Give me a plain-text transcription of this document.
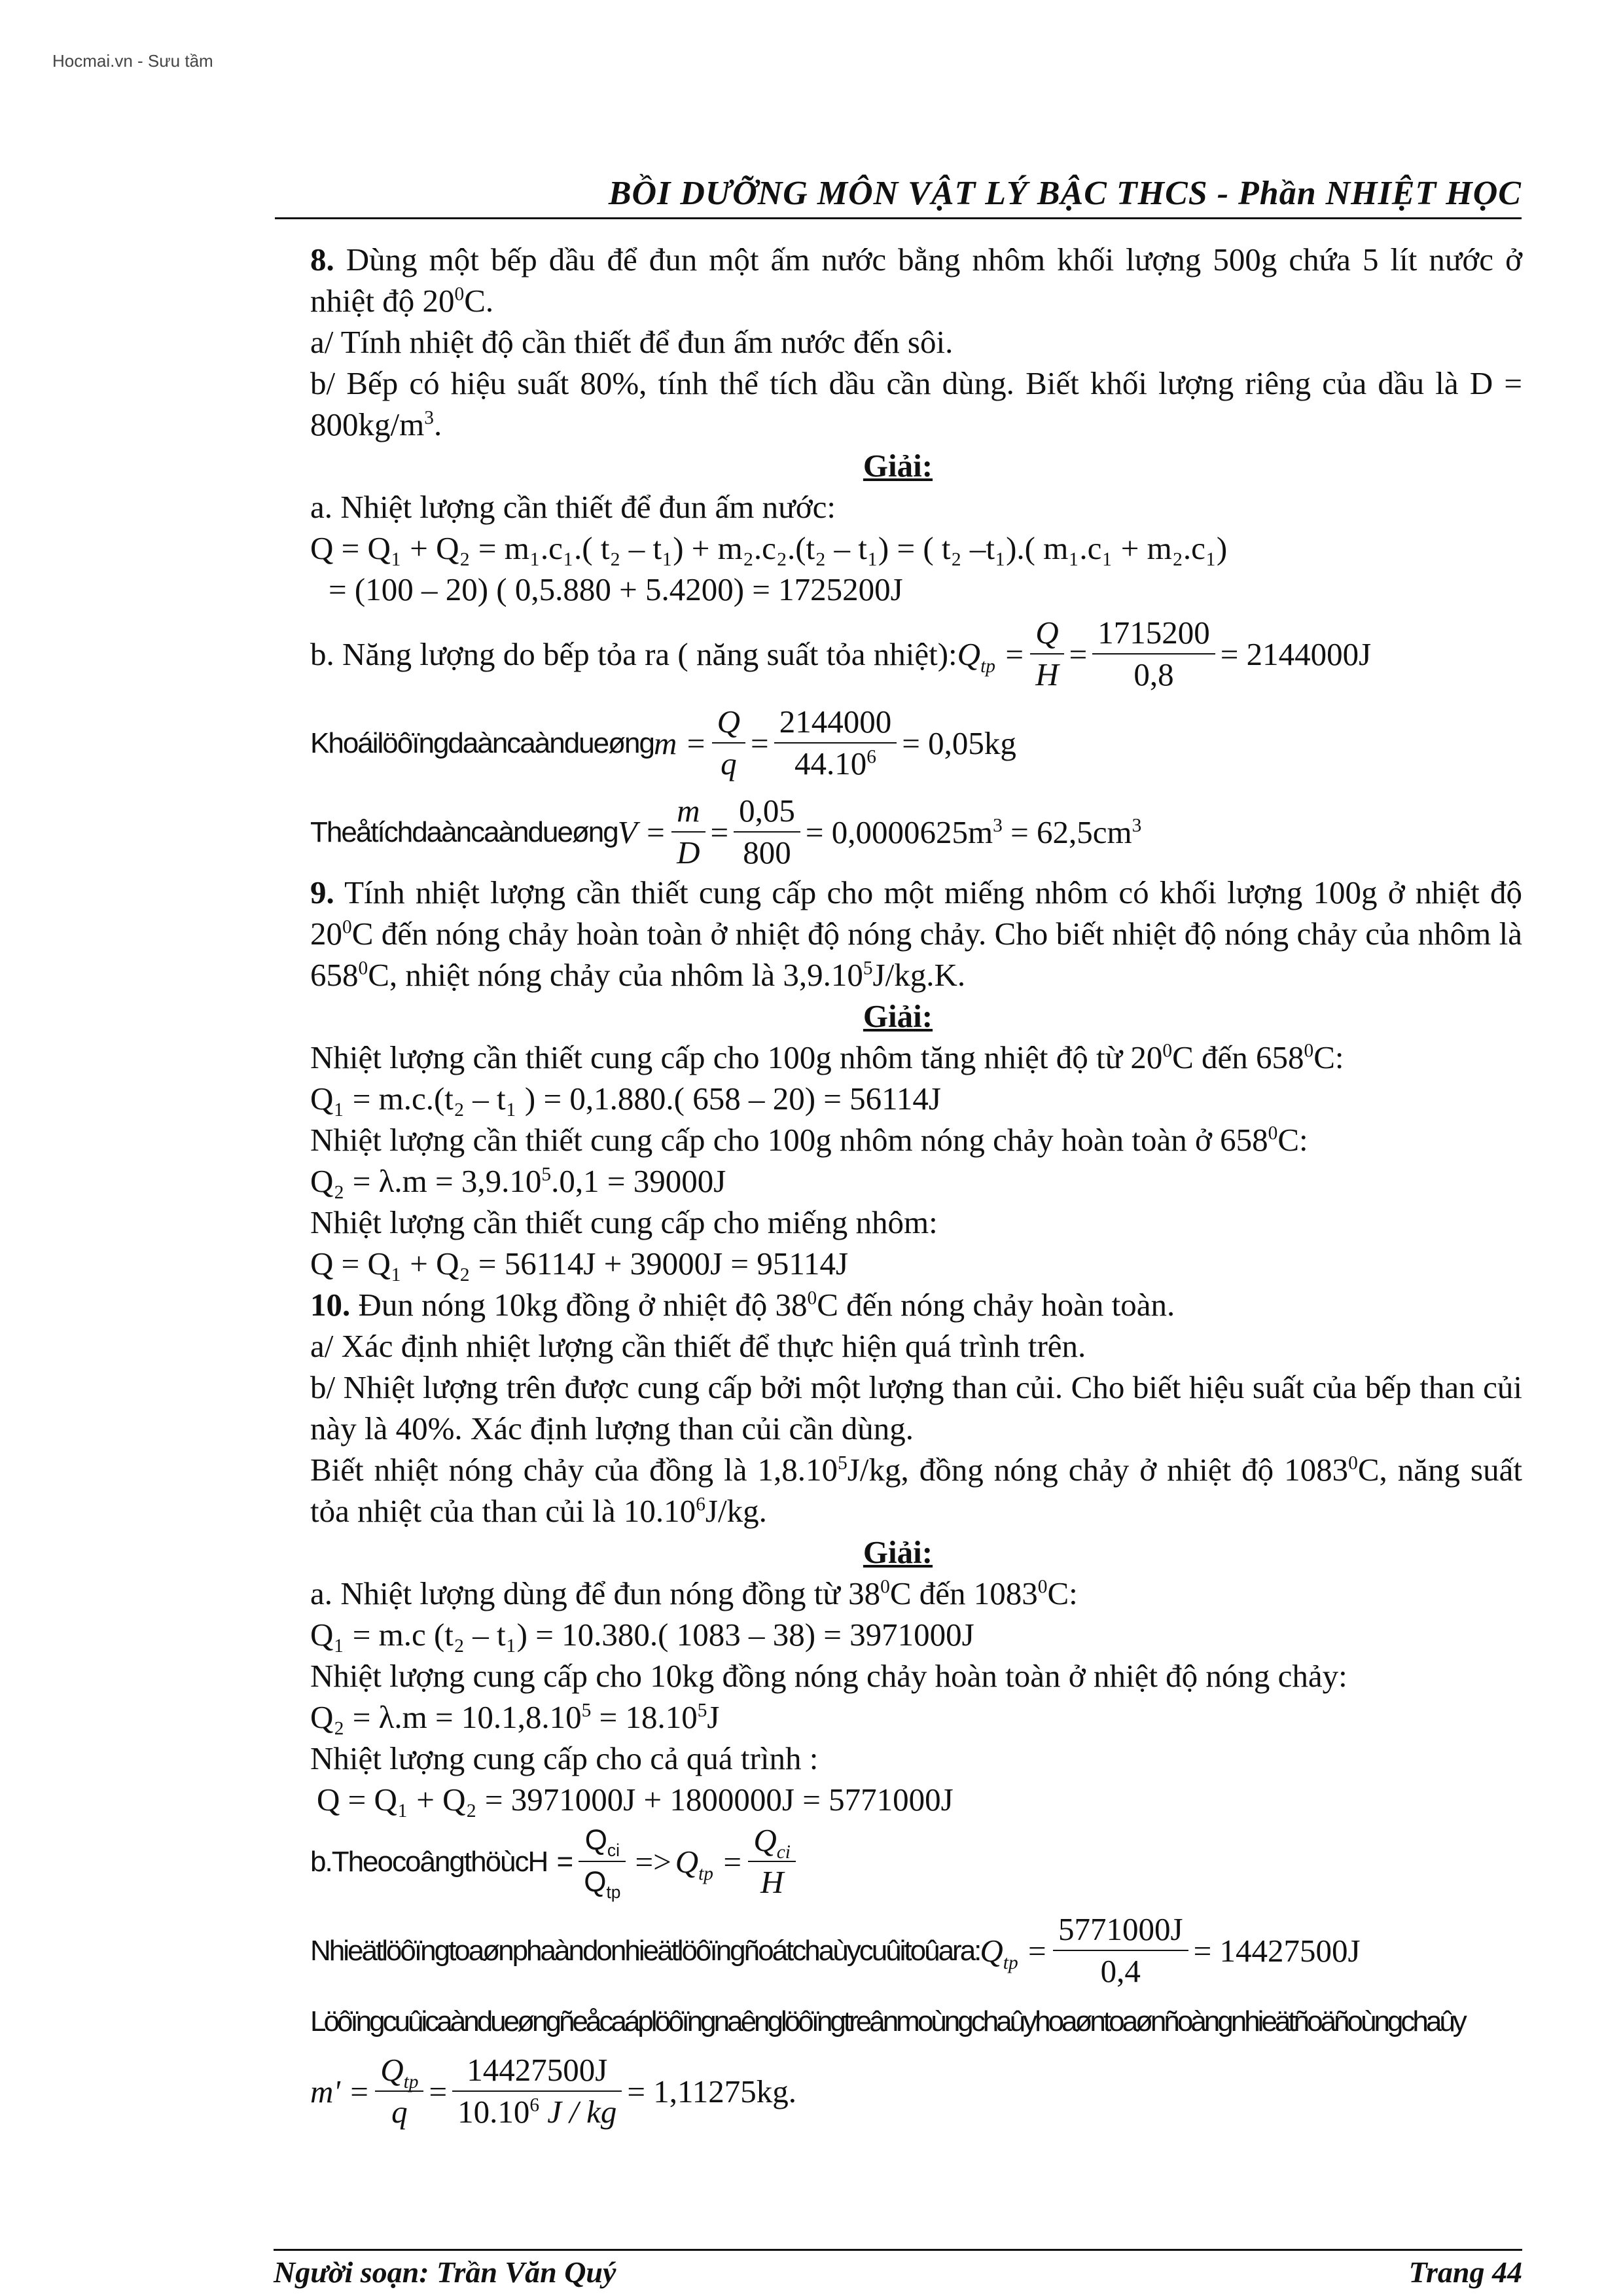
Hocmai.vn - Sưu tầm
BỒI DƯỠNG MÔN VẬT LÝ BẬC THCS - Phần NHIỆT HỌC

8. Dùng một bếp dầu để đun một ấm nước bằng nhôm khối lượng 500g chứa 5 lít nước ở nhiệt độ $20^0C$.

a/ Tính nhiệt độ cần thiết để đun ấm nước đến sôi.

b/ Bếp có hiệu suất 80%, tính thể tích dầu cần dùng. Biết khối lượng riêng của dầu là $D = 800kg/m^3$.

Giải:

a. Nhiệt lượng cần thiết để đun ấm nước:

Q = Q₁ + Q₂ = m₁.c₁.( t₂ – t₁) + m₂.c₂.(t₂ – t₁) = ( t₂ –t₁).( m₁.c₁ + m₂.c₁)

= (100 – 20) ( 0,5.880 + 5.4200) = 1725200J

b. Năng lượng do bếp tỏa ra ( năng suất tỏa nhiệt): $Q_{tp} = \frac{Q}{H} = \frac{1715200}{0,8} = 2144000J$
Khoáilöôïngdaàncaàndueøng $m = \frac{Q}{q} = \frac{2144000}{44.10^6} = 0,05kg$
Theåtíchdaàncaàndueøng $V = \frac{m}{D} = \frac{0,05}{800} = 0,0000625m^3 = 62,5cm^3$

9. Tính nhiệt lượng cần thiết cung cấp cho một miếng nhôm có khối lượng 100g ở nhiệt độ $20^0C$ đến nóng chảy hoàn toàn ở nhiệt độ nóng chảy. Cho biết nhiệt độ nóng chảy của nhôm là $658^0C$, nhiệt nóng chảy của nhôm là 3,9.10$^5$J/kg.K.

Giải:

Nhiệt lượng cần thiết cung cấp cho 100g nhôm tăng nhiệt độ từ $20^0C$ đến $658^0C$:

Q₁ = m.c.(t₂ – t₁ ) = 0,1.880.( 658 – 20) = 56114J

Nhiệt lượng cần thiết cung cấp cho 100g nhôm nóng chảy hoàn toàn ở $658^0C$:

$Q_2 = \lambda.m = 3,9.10^5.0,1 = 39000J$

Nhiệt lượng cần thiết cung cấp cho miếng nhôm:

Q = Q₁ + Q₂ = 56114J + 39000J = 95114J

10. Đun nóng 10kg đồng ở nhiệt độ $38^0C$ đến nóng chảy hoàn toàn.

a/ Xác định nhiệt lượng cần thiết để thực hiện quá trình trên.

b/ Nhiệt lượng trên được cung cấp bởi một lượng than củi. Cho biết hiệu suất của bếp than củi này là 40%. Xác định lượng than củi cần dùng.

Biết nhiệt nóng chảy của đồng là 1,8.10$^5$J/kg, đồng nóng chảy ở nhiệt độ 1083$^0$C, năng suất tỏa nhiệt của than củi là 10.10$^6$J/kg.

Giải:

a. Nhiệt lượng dùng để đun nóng đồng từ $38^0C$ đến 1083$^0$C:

Q₁ = m.c (t₂ – t₁) = 10.380.( 1083 – 38) = 3971000J

Nhiệt lượng cung cấp cho 10kg đồng nóng chảy hoàn toàn ở nhiệt độ nóng chảy:

$Q_2 = \lambda.m = 10.1,8.10^5 = 18.10^5J$

Nhiệt lượng cung cấp cho cả quá trình :

Q = Q₁ + Q₂ = 3971000J + 1800000J = 5771000J

b.Theocoângthöùc H =
$Q_{ci}$
$Q_{tp}$
=> $Q_{tp}$ =
$Q_{ci}$
H
Nhieätlöôïngtoaønphaàndonhieätlöôïngñoátchaùycuûitoûara: $Q_{tp} = \frac{5771000J}{0,4} = 14427500J$

Löôïngcuûicaàndueøngñeåcaáplöôïngnaênglöôïngtreânmoùngchaûyhoaøntoaønñoàngnhieätñoäñoùngchaûy

m' =
$Q_{tp}$
q
= $\frac{14427500J}{10.10^6 J / kg} = 1,11275kg$.
Người soạn: Trần Văn Quý	Trang 44
